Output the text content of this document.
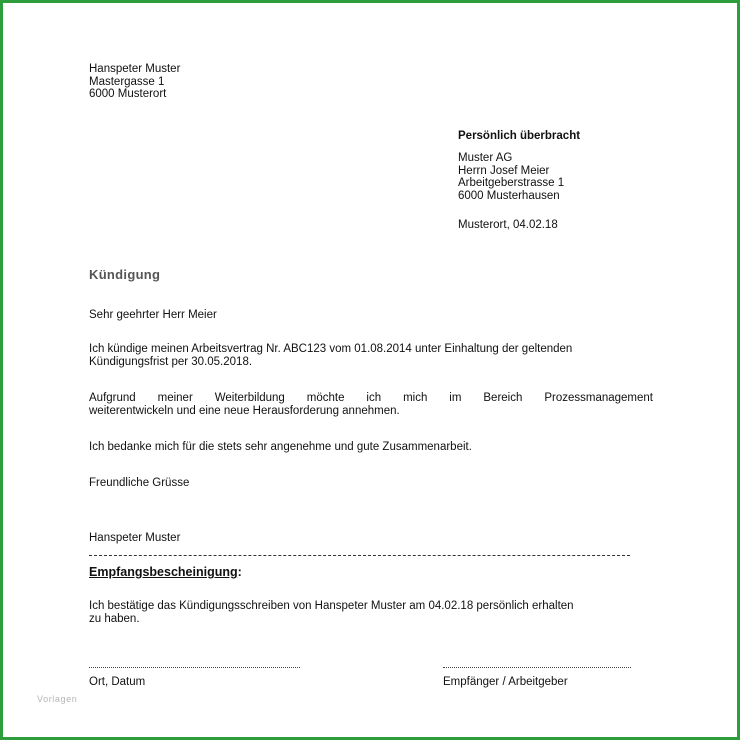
Hanspeter Muster
Mastergasse 1
6000 Musterort
Persönlich überbracht
Muster AG
Herrn Josef Meier
Arbeitgeberstrasse 1
6000 Musterhausen
Musterort, 04.02.18
Kündigung
Sehr geehrter Herr Meier
Ich kündige meinen Arbeitsvertrag Nr. ABC123 vom 01.08.2014 unter Einhaltung der geltenden
Kündigungsfrist per 30.05.2018.
Aufgrund meiner Weiterbildung möchte ich mich im Bereich Prozessmanagement
weiterentwickeln und eine neue Herausforderung annehmen.
Ich bedanke mich für die stets sehr angenehme und gute Zusammenarbeit.
Freundliche Grüsse
Hanspeter Muster
Empfangsbescheinigung:
Ich bestätige das Kündigungsschreiben von Hanspeter Muster am 04.02.18 persönlich erhalten
zu haben.
Ort, Datum	Empfänger / Arbeitgeber
Vorlagen
